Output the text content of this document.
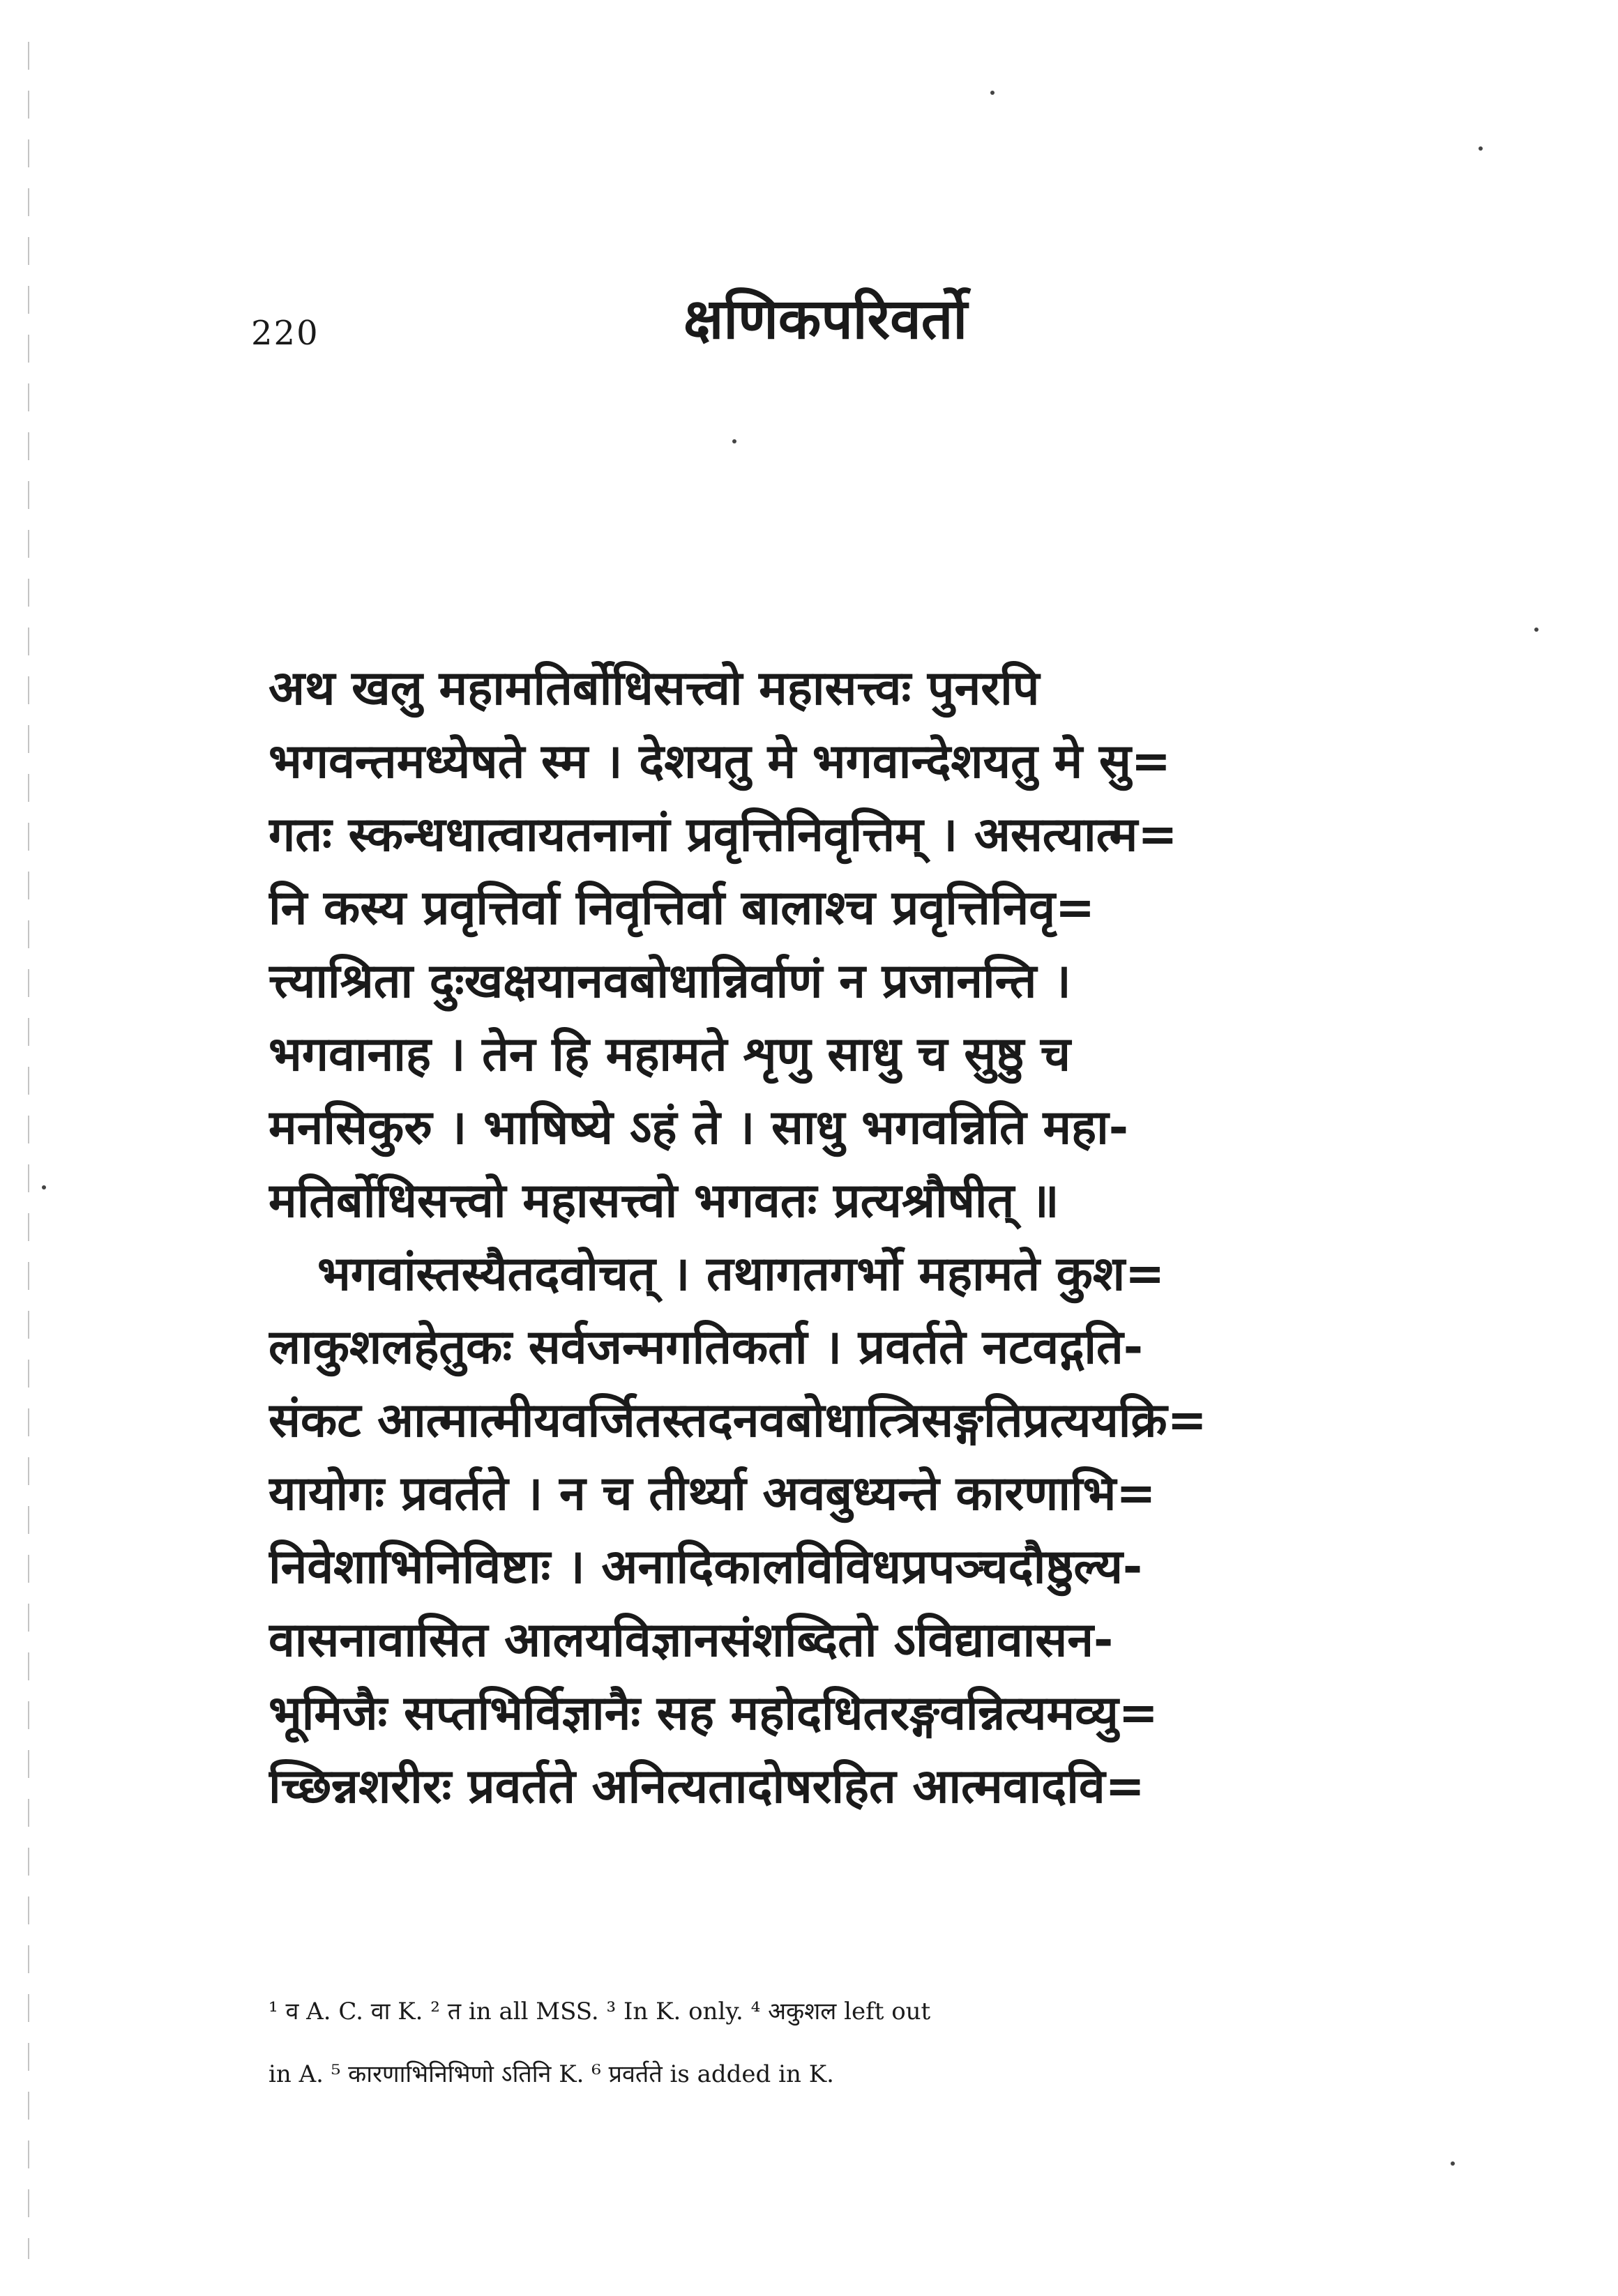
220	क्षणिकपरिवर्तो
अथ खलु महामतिर्बोधिसत्त्वो महासत्त्वः पुनरपि
भगवन्तमध्येषते स्म । देशयतु मे भगवान्देशयतु मे सु=
गतः स्कन्धधात्वायतनानां प्रवृत्तिनिवृत्तिम् । असत्यात्म=
नि कस्य प्रवृत्तिर्वा निवृत्तिर्वा बालाश्च प्रवृत्तिनिवृ=
त्त्याश्रिता दुःखक्षयानवबोधान्निर्वाणं न प्रजानन्ति ।
भगवानाह । तेन हि महामते शृणु साधु च सुष्ठु च
मनसिकुरु । भाषिष्ये ऽहं ते । साधु भगवन्निति महा-
मतिर्बोधिसत्त्वो महासत्त्वो भगवतः प्रत्यश्रौषीत् ॥
भगवांस्तस्यैतदवोचत् । तथागतगर्भो महामते कुश=
लाकुशलहेतुकः सर्वजन्मगतिकर्ता । प्रवर्तते नटवद्गति-
संकट आत्मात्मीयवर्जितस्तदनवबोधात्त्रिसङ्गतिप्रत्ययक्रि=
यायोगः प्रवर्तते । न च तीर्थ्या अवबुध्यन्ते कारणाभि=
निवेशाभिनिविष्टाः । अनादिकालविविधप्रपञ्चदौष्ठुल्य-
वासनावासित आलयविज्ञानसंशब्दितो ऽविद्यावासन-
भूमिजैः सप्तभिर्विज्ञानैः सह महोदधितरङ्गवन्नित्यमव्यु=
च्छिन्नशरीरः प्रवर्तते अनित्यतादोषरहित आत्मवादवि=
¹ व A. C. वा K. ² त in all MSS. ³ In K. only. ⁴ अकुशल left out
in A. ⁵ कारणाभिनिभिणो ऽतिनि K. ⁶ प्रवर्तते is added in K.
